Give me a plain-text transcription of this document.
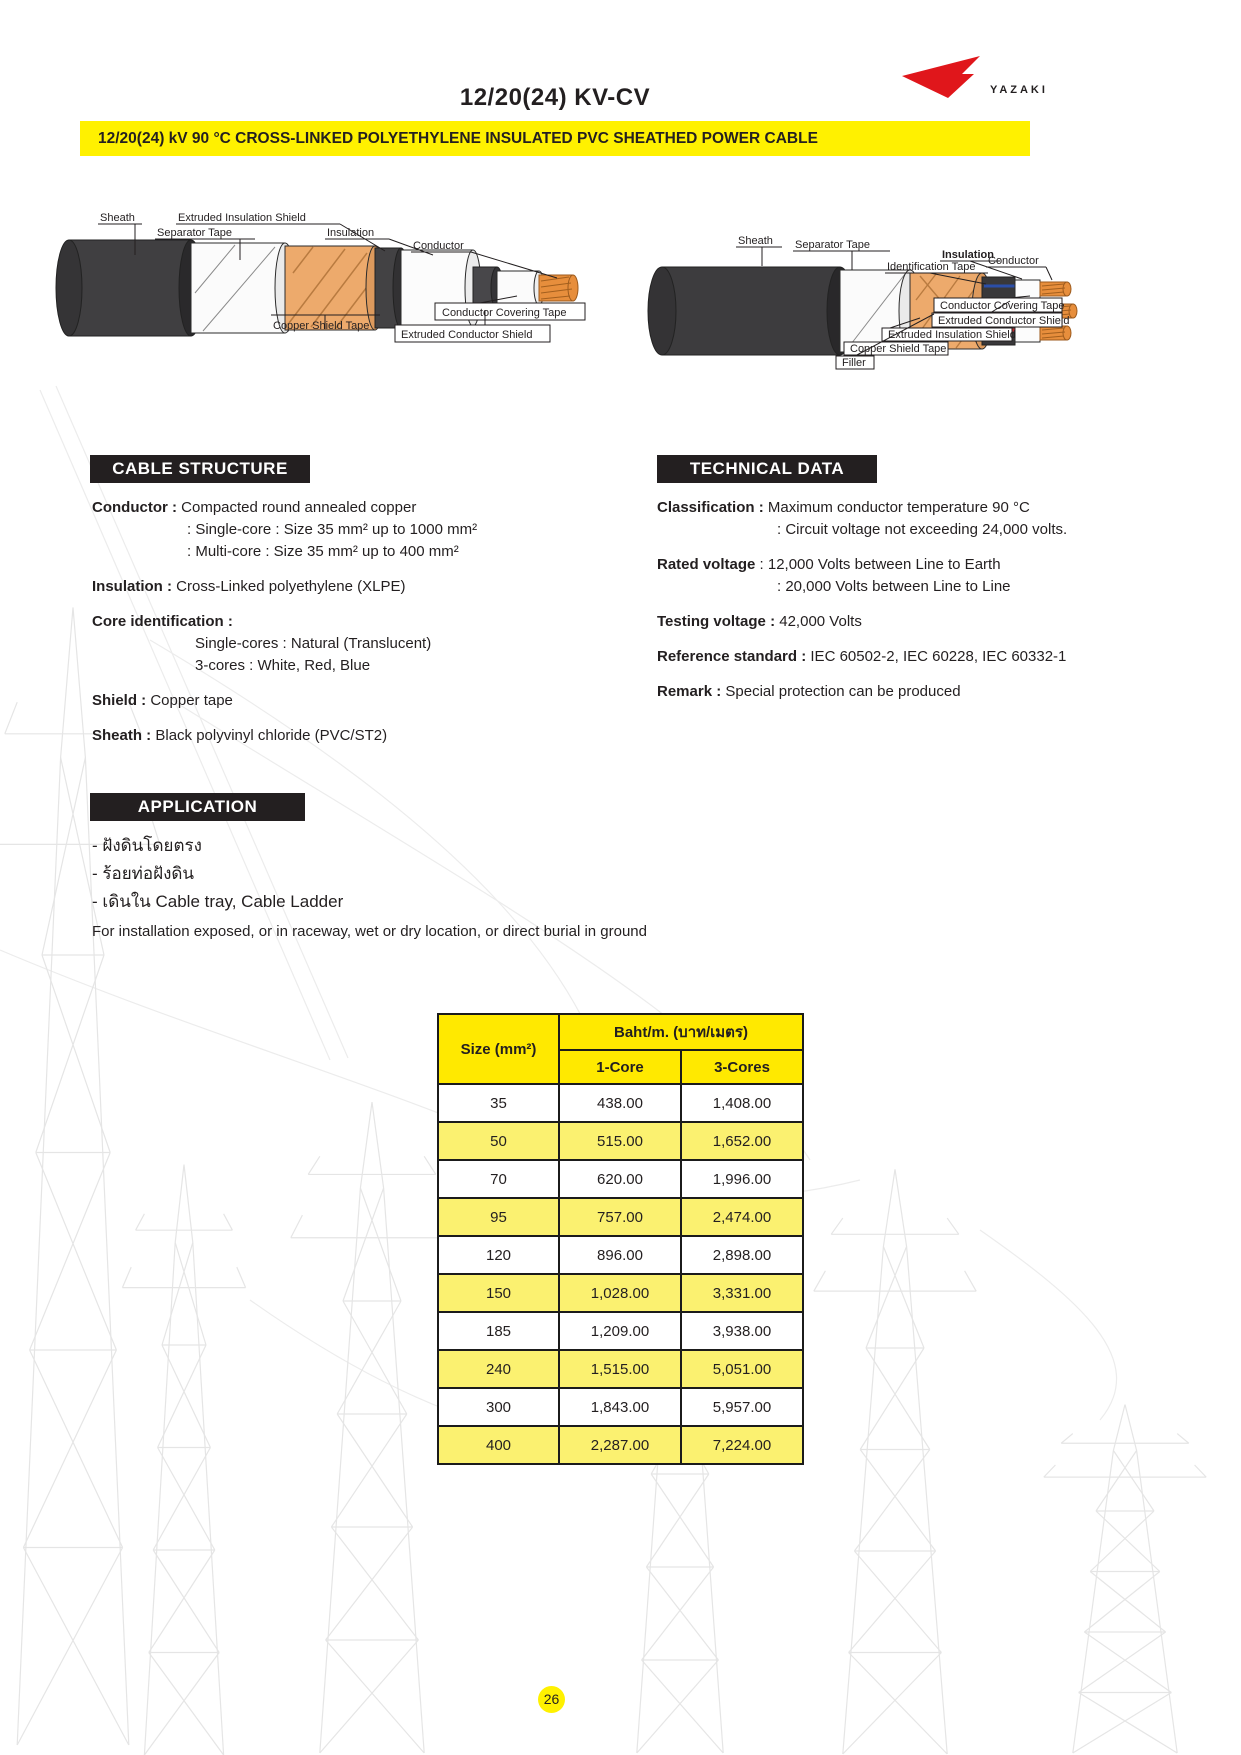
YAZAKI
12/20(24) KV-CV
12/20(24) kV 90 °C CROSS-LINKED POLYETHYLENE INSULATED PVC SHEATHED POWER CABLE
Sheath	Extruded Insulation Shield
Separator Tape	Insulation
Conductor
Conductor Covering Tape
Extruded Conductor Shield
Copper Shield Tape
Sheath Separator Tape
Insulation
Identification Tape Conductor
Conductor Covering Tape
Extruded Conductor Shield
Extruded Insulation Shield
Copper Shield Tape
Filler
CABLE STRUCTURE
Conductor : Compacted round annealed copper
: Single-core : Size 35 mm² up to 1000 mm²
: Multi-core : Size 35 mm² up to 400 mm²
Insulation : Cross-Linked polyethylene (XLPE)
Core identification :
Single-cores : Natural (Translucent)
3-cores : White, Red, Blue
Shield : Copper tape
Sheath : Black polyvinyl chloride (PVC/ST2)
TECHNICAL DATA
Classification : Maximum conductor temperature 90 °C
: Circuit voltage not exceeding 24,000 volts.
Rated voltage : 12,000 Volts between Line to Earth
: 20,000 Volts between Line to Line
Testing voltage : 42,000 Volts
Reference standard : IEC 60502-2, IEC 60228, IEC 60332-1
Remark : Special protection can be produced
APPLICATION
- ฝังดินโดยตรง
- ร้อยท่อฝังดิน
- เดินใน Cable tray, Cable Ladder
For installation exposed, or in raceway, wet or dry location, or direct burial in ground
Size (mm²)	Baht/m. (บาท/เมตร)	
	1-Core	3-Cores
35	438.00	1,408.00
50	515.00	1,652.00
70	620.00	1,996.00
95	757.00	2,474.00
120	896.00	2,898.00
150	1,028.00	3,331.00
185	1,209.00	3,938.00
240	1,515.00	5,051.00
300	1,843.00	5,957.00
400	2,287.00	7,224.00
26
